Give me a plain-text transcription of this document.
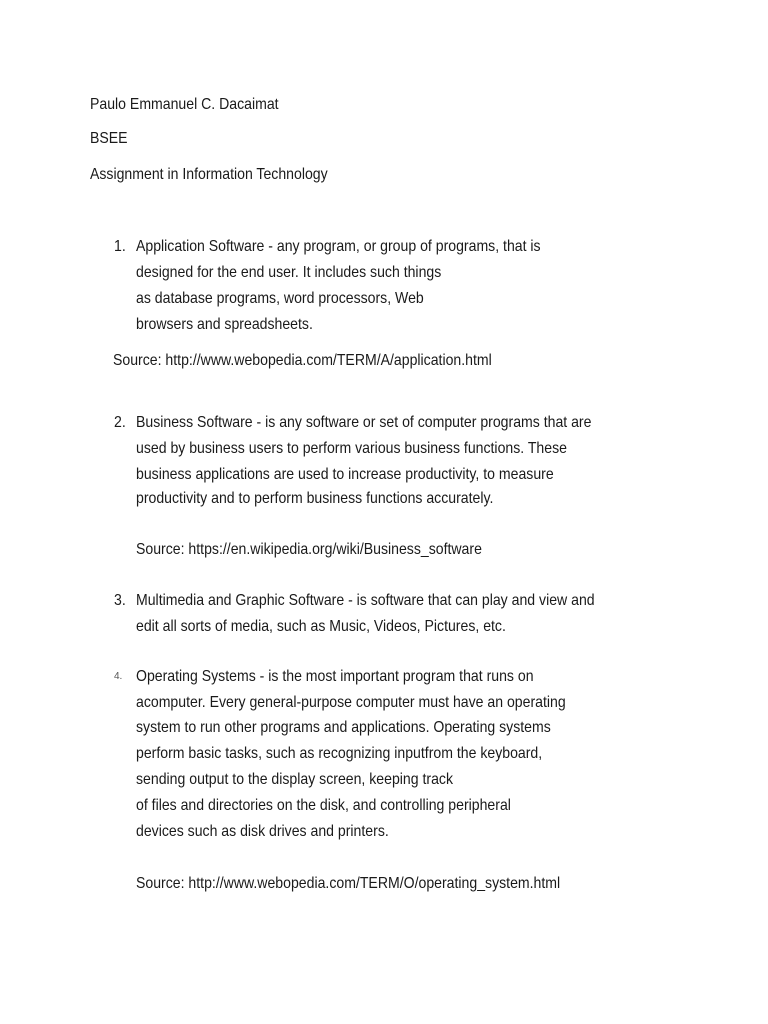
Paulo Emmanuel C. Dacaimat

BSEE

Assignment in Information Technology

1. Application Software - any program, or group of programs, that is

designed for the end user. It includes such things

as database programs, word processors, Web

browsers and spreadsheets.

Source: http://www.webopedia.com/TERM/A/application.html

2. Business Software - is any software or set of computer programs that are

used by business users to perform various business functions. These

business applications are used to increase productivity, to measure

productivity and to perform business functions accurately.

Source: https://en.wikipedia.org/wiki/Business_software

3. Multimedia and Graphic Software - is software that can play and view and

edit all sorts of media, such as Music, Videos, Pictures, etc.

4. Operating Systems - is the most important program that runs on

acomputer. Every general-purpose computer must have an operating

system to run other programs and applications. Operating systems

perform basic tasks, such as recognizing inputfrom the keyboard,

sending output to the display screen, keeping track

of files and directories on the disk, and controlling peripheral

devices such as disk drives and printers.

Source: http://www.webopedia.com/TERM/O/operating_system.html
